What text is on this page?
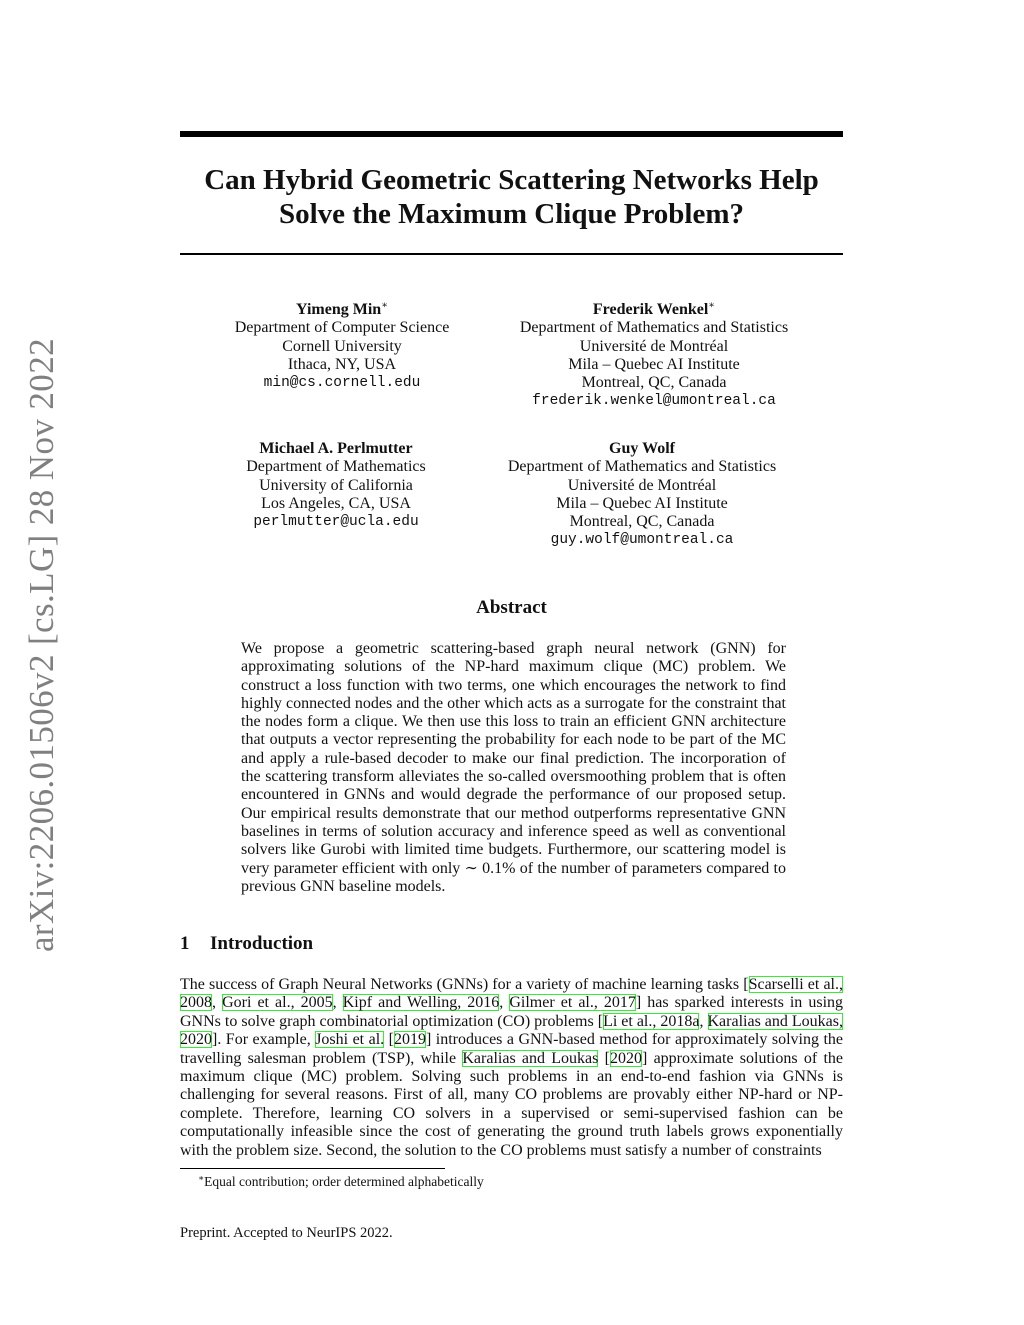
arXiv:2206.01506v2 [cs.LG] 28 Nov 2022
Can Hybrid Geometric Scattering Networks Help
Solve the Maximum Clique Problem?
Yimeng Min∗
Department of Computer Science
Cornell University
Ithaca, NY, USA
min@cs.cornell.edu
Frederik Wenkel∗
Department of Mathematics and Statistics
Université de Montréal
Mila – Quebec AI Institute
Montreal, QC, Canada
frederik.wenkel@umontreal.ca
Michael A. Perlmutter
Department of Mathematics
University of California
Los Angeles, CA, USA
perlmutter@ucla.edu
Guy Wolf
Department of Mathematics and Statistics
Université de Montréal
Mila – Quebec AI Institute
Montreal, QC, Canada
guy.wolf@umontreal.ca
Abstract
We propose a geometric scattering-based graph neural network (GNN) for approximating solutions of the NP-hard maximum clique (MC) problem. We construct a loss function with two terms, one which encourages the network to find highly connected nodes and the other which acts as a surrogate for the constraint that the nodes form a clique. We then use this loss to train an efficient GNN architecture that outputs a vector representing the probability for each node to be part of the MC and apply a rule-based decoder to make our final prediction. The incorporation of the scattering transform alleviates the so-called oversmoothing problem that is often encountered in GNNs and would degrade the performance of our proposed setup. Our empirical results demonstrate that our method outperforms representative GNN baselines in terms of solution accuracy and inference speed as well as conventional solvers like Gurobi with limited time budgets. Furthermore, our scattering model is very parameter efficient with only ∼ 0.1% of the number of parameters compared to previous GNN baseline models.
1 Introduction
The success of Graph Neural Networks (GNNs) for a variety of machine learning tasks [Scarselli et al., 2008, Gori et al., 2005, Kipf and Welling, 2016, Gilmer et al., 2017] has sparked interests in using GNNs to solve graph combinatorial optimization (CO) problems [Li et al., 2018a, Karalias and Loukas, 2020]. For example, Joshi et al. [2019] introduces a GNN-based method for approximately solving the travelling salesman problem (TSP), while Karalias and Loukas [2020] approximate solutions of the maximum clique (MC) problem. Solving such problems in an end-to-end fashion via GNNs is challenging for several reasons. First of all, many CO problems are provably either NP-hard or NP-complete. Therefore, learning CO solvers in a supervised or semi-supervised fashion can be computationally infeasible since the cost of generating the ground truth labels grows exponentially with the problem size. Second, the solution to the CO problems must satisfy a number of constraints
∗Equal contribution; order determined alphabetically
Preprint. Accepted to NeurIPS 2022.
